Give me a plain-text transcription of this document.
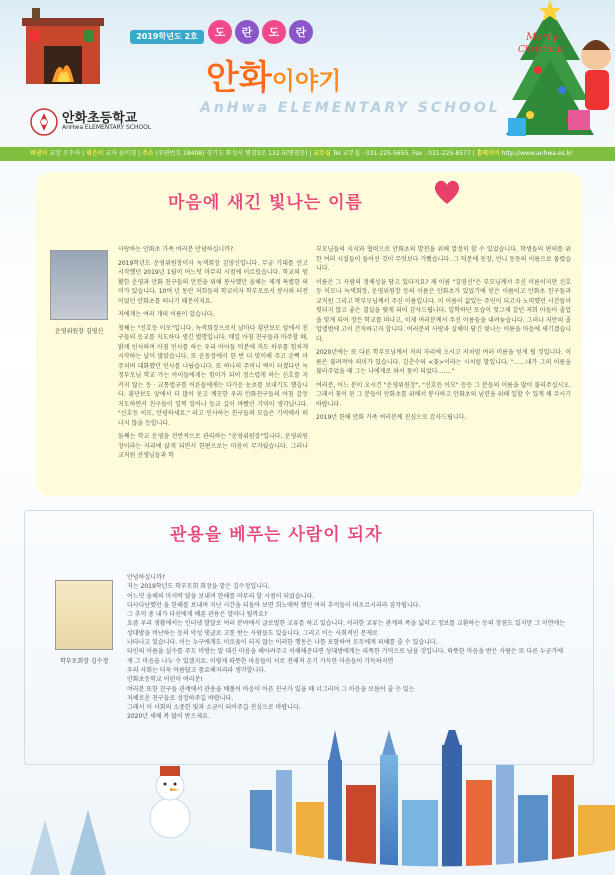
2019학년도 2호	도	란	도	란
안화이야기
AnHwa ELEMENTARY SCHOOL
안화초등학교
AnHwa ELEMENTARY SCHOOL
Merry
Christmas
펴낸이 교장 오수자 | 엮은이 교사 윤미경 | 주소 (우편번호 18408) 경기도 화성시 병점3로 132-5(병점동) | 교무실 Tel 교무실 : 031-225-5655, Fax : 031-225-8577 | 홈페이지 http://www.anhwa.es.kr
마음에 새긴 빛나는 이름
운영위원장 김영신

사랑하는 안화초 가족 여러분 안녕하십니까?

2019학년도 운영위원장이자 녹색회장 김영신입니다. 무궁 기대를 안고 시작했던 2019년 1월이 어느덧 마무리 시점에 이르렀습니다. 학교의 원활한 운영과 안화 친구들의 안전을 위해 봉사했던 올해는 제게 특별한 의미가 있습니다. 10여 년 동안 저희들의 학교이자 학부모로서 봉사와 터전이었던 안화초를 떠나기 때문이지요.

저에게는 여러 개의 이름이 있습니다.

첫째는 "신호등 이모"입니다. 녹색회장으로서 날마다 횡단보도 앞에서 친구들의 등교를 지도하다 생긴 별명입니다. 매일 아침 친구들과 마주할 때, 밝게 인사하며 아침 인사를 하는 우리 아이들 덕분에 저도 하루를 힘차게 시작하는 날이 많았습니다. 또 운동장에서 한 번 더 맞이해 주고 손뼉 마주치며 대화했던 인사를 나눴습니다. 또 하나의 주머니 떡이 터졌다던 녹정부모님 학교 가는 아이들에게는 힘이가 되어 정스럽게 하는 신호를 지키지 않는 등 · 교통법규를 어른들에게는 다가운 눈초를 보내기도 했습니다. 횡단보도 앞에서 더 많이 웃고 깨끗한 우리 안화친구들의 아침 갈등 지도하면서 친구들이 일찍 일어나 등교 길이 바빴던 기억이 생각납니다. "신호등 이모, 안녕하세요." 라고 인사하는 친구들의 모습은 기억에서 떠나지 않을 듯합니다.

둘째는 학교 운영을 전반적으로 관리하는 "운영위원장"입니다. 운영위원장이라는 자리에 앉게 되면서 한편으로는 마음이 무거웠습니다. 그러나 교직원 선생님들과 학

부모님들의 지지와 협력으로 안화초의 발전을 위해 열정히 할 수 있었습니다. 학생들의 편의를 위한 여러 시설들이 들어선 것이 무엇보다 기뻤습니다. 그 덕분에 동장, 언니 동동의 이름으로 불렸습니다.

이름은 그 사람의 정체성을 담고 있다지요? 제 이름 "김영신"은 부모님께서 주신 이름이지만 신호등 이모나 녹색회장, 운영위원장 등의 이름은 안화초가 있었기에 얻은 이름이고 안화초 친구들과 교직원 그리고 학부모님께서 주신 이름입니다. 이 이름이 값있는 주인이 되고자 노력했던 시간들이 헛되지 않고 좋은 결실을 맺게 되어 감사드립니다. 입학하던 모습이 엊그제 같던 저희 아들이 졸업을 맞게 되어 정든 학교를 떠나고, 이제 여러분께서 주신 이름들을 내려놓습니다. 그러나 저만의 졸업앨범에 고이 간직하고자 합니다. 여러분의 사랑과 실체이 담긴 빛나는 이름을 마음에 새기겠습니다.

2020년에는 또 다른 학부모님께서 저의 자리에 오시고 저처럼 여러 이름을 얻게 될 것입니다. 이름은 불려져야 의미가 있습니다. 김춘수의 <꽃>이라는 시처럼 말입니다. "……내가 그의 이름을 불러주었을 때 그는 나에게로 와서 꽃이 되었다.……"

여러분, 어느 분이 오시건 "운영위원장", "신호등 이모" 등등 그 분들의 이름을 많이 불러주십시오. 그래서 꽃이 된 그 분들이 안화초를 위해서 봉사하고 안화초의 넘련을 위해 일할 수 있게 해 주시기 바랍니다.

2019년 한해 안화 가족 여러분께 진심으로 감사드립니다.

관용을 베푸는 사람이 되자
학부모회장 김수정

안녕하십니까?

저는 2019학년도 학부모회 회장을 맡은 김수정입니다.

어느덧 올해의 마지막 달을 보내며 한해를 마무리 할 시점이 되었습니다.

다사다난했던 올 한해를 보내며 지난 시간을 되돌아 보면 희노애락 했던 여러 추억들이 떠오르시리라 짐작됩니다.

그 추억 중 내가 타인에게 베푼 관용은 얼마나 될까요?

요즘 우리 생활에서는 인터넷 발달로 여러 분야에서 글로벌한 교류를 하고 있습니다. 이러한 교류는 관계의 폭을 넓히고 정보를 교환하는 등의 장점도 있지만 그 이면에는 상대방을 비난하는 등의 악성 댓글로 고통 받는 사람들도 있습니다. 그리고 이는 사회적인 문제로

나타나고 있습니다. 이는 누구에게도 이로움이 되지 않는 이러한 행동은 나를 포함하여 모두에게 피해를 줄 수 있습니다.

타인의 이름을 실수를 주도 비방는 말 대신 마음을 헤아려주고 이해해준다면 상대방에게는 피폭한 기억으로 남을 것입니다. 따뜻한 마음을 받은 사람은 또 다른 누군가에게 그 마음을 나누 수 있겠지요. 이렇게 따뜻한 마음들이 서로 전해져 온기 가득한 마음들이 가득하지면

우리 사회는 더욱 아름답고 품요해지리라 생각합니다.

안화초등학교 어린이 여러분!

여러분 또한 친구들 관계에서 관용을 베풀어 마음이 아픈 친구가 있을 때 너그러이 그 마음을 보듬어 줄 수 있는

지혜로운 친구들로 성장하주길 바랍니다.

그래서 이 사회의 소중한 빛과 소금이 되어주길 진심으로 바랍니다.

2020년 새해 복 많이 받으세요.
